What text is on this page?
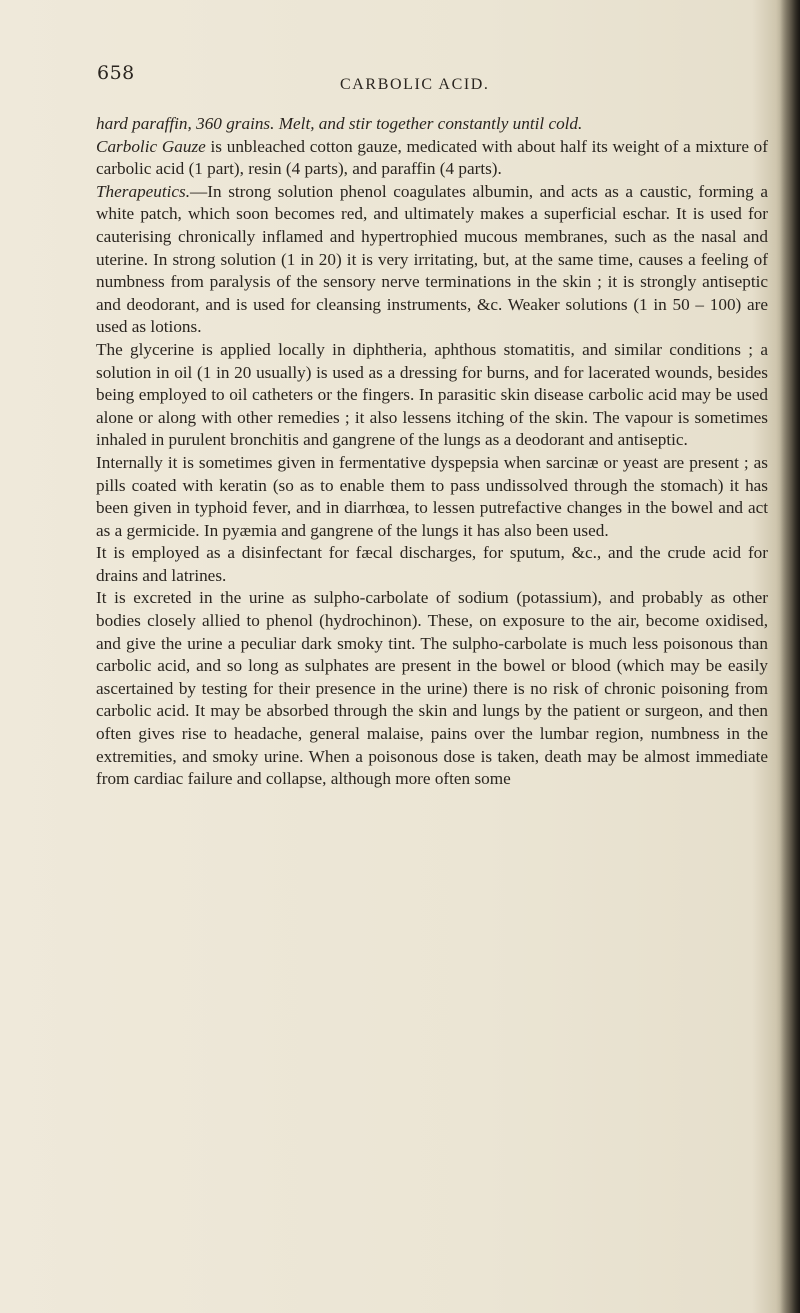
658
CARBOLIC ACID.

hard paraffin, 360 grains. Melt, and stir together constantly until cold.

Carbolic Gauze is unbleached cotton gauze, medicated with about half its weight of a mixture of carbolic acid (1 part), resin (4 parts), and paraffin (4 parts).

Therapeutics.—In strong solution phenol coagulates albumin, and acts as a caustic, forming a white patch, which soon becomes red, and ultimately makes a superficial eschar. It is used for cauterising chronically inflamed and hypertrophied mucous membranes, such as the nasal and uterine. In strong solution (1 in 20) it is very irritating, but, at the same time, causes a feeling of numbness from paralysis of the sensory nerve terminations in the skin ; it is strongly antiseptic and deodorant, and is used for cleansing instruments, &c. Weaker solutions (1 in 50 – 100) are used as lotions.

The glycerine is applied locally in diphtheria, aphthous stomatitis, and similar conditions ; a solution in oil (1 in 20 usually) is used as a dressing for burns, and for lacerated wounds, besides being employed to oil catheters or the fingers. In parasitic skin disease carbolic acid may be used alone or along with other remedies ; it also lessens itching of the skin. The vapour is sometimes inhaled in purulent bronchitis and gangrene of the lungs as a deodorant and antiseptic.

Internally it is sometimes given in fermentative dyspepsia when sarcinæ or yeast are present ; as pills coated with keratin (so as to enable them to pass undissolved through the stomach) it has been given in typhoid fever, and in diarrhœa, to lessen putrefactive changes in the bowel and act as a germicide. In pyæmia and gangrene of the lungs it has also been used.

It is employed as a disinfectant for fæcal discharges, for sputum, &c., and the crude acid for drains and latrines.

It is excreted in the urine as sulpho-carbolate of sodium (potassium), and probably as other bodies closely allied to phenol (hydrochinon). These, on exposure to the air, become oxidised, and give the urine a peculiar dark smoky tint. The sulpho-carbolate is much less poisonous than carbolic acid, and so long as sulphates are present in the bowel or blood (which may be easily ascertained by testing for their presence in the urine) there is no risk of chronic poisoning from carbolic acid. It may be absorbed through the skin and lungs by the patient or surgeon, and then often gives rise to headache, general malaise, pains over the lumbar region, numbness in the extremities, and smoky urine. When a poisonous dose is taken, death may be almost immediate from cardiac failure and collapse, although more often some
